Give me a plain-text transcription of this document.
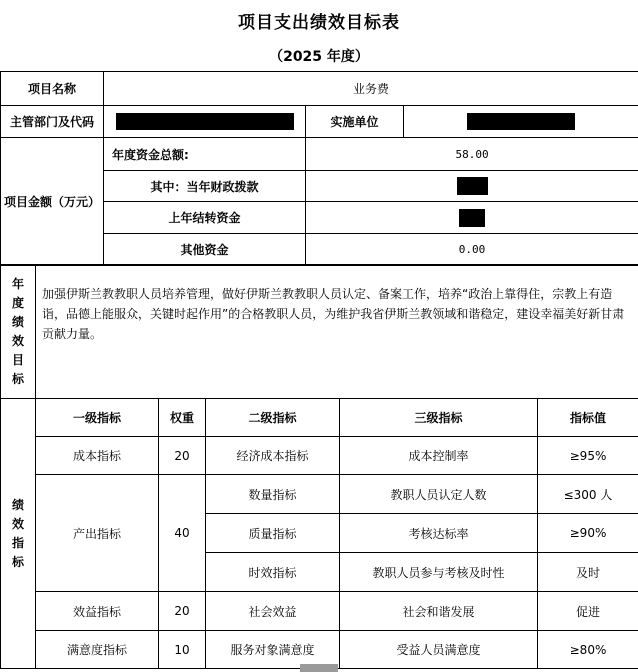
项目支出绩效目标表
（2025 年度）
项目名称	业务费		
主管部门及代码		实施单位	
项目金额（万元）	年度资金总额:	58.00	
	其中：当年财政拨款		
	上年结转资金		
	其他资金	0.00	
年
度
绩
效
目
标
	加强伊斯兰教教职人员培养管理，做好伊斯兰教教职人员认定、备案工作，培养“政治上靠得住，宗教上有造诣，品德上能服众，关键时起作用”的合格教职人员，为维护我省伊斯兰教领域和谐稳定，建设幸福美好新甘肃贡献力量。
绩
效
指
标	一级指标	权重	二级指标	三级指标	指标值
	成本指标	20	经济成本指标	成本控制率	≥95%
	产出指标	40	数量指标	教职人员认定人数	≤300 人
			质量指标	考核达标率	≥90%
			时效指标	教职人员参与考核及时性	及时
	效益指标	20	社会效益	社会和谐发展	促进
	满意度指标	10	服务对象满意度	受益人员满意度	≥80%
